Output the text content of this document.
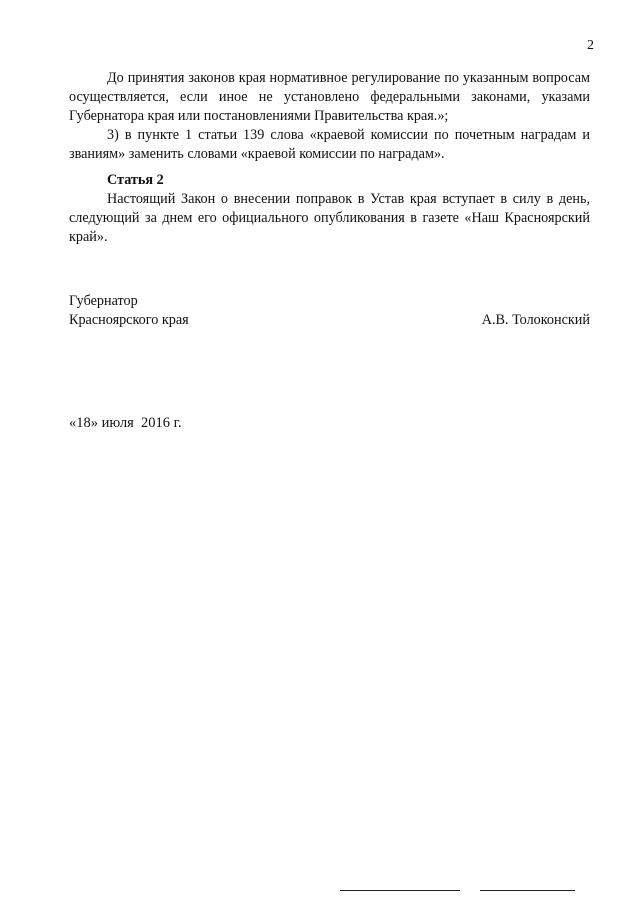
2

До принятия законов края нормативное регулирование по указанным вопросам осуществляется, если иное не установлено федеральными законами, указами Губернатора края или постановлениями Правительства края.»;

3) в пункте 1 статьи 139 слова «краевой комиссии по почетным наградам и званиям» заменить словами «краевой комиссии по наградам».

Статья 2

Настоящий Закон о внесении поправок в Устав края вступает в силу в день, следующий за днем его официального опубликования в газете «Наш Красноярский край».

Губернатор
Красноярского края	А.В. Толоконский
«18» июля 2016 г.
